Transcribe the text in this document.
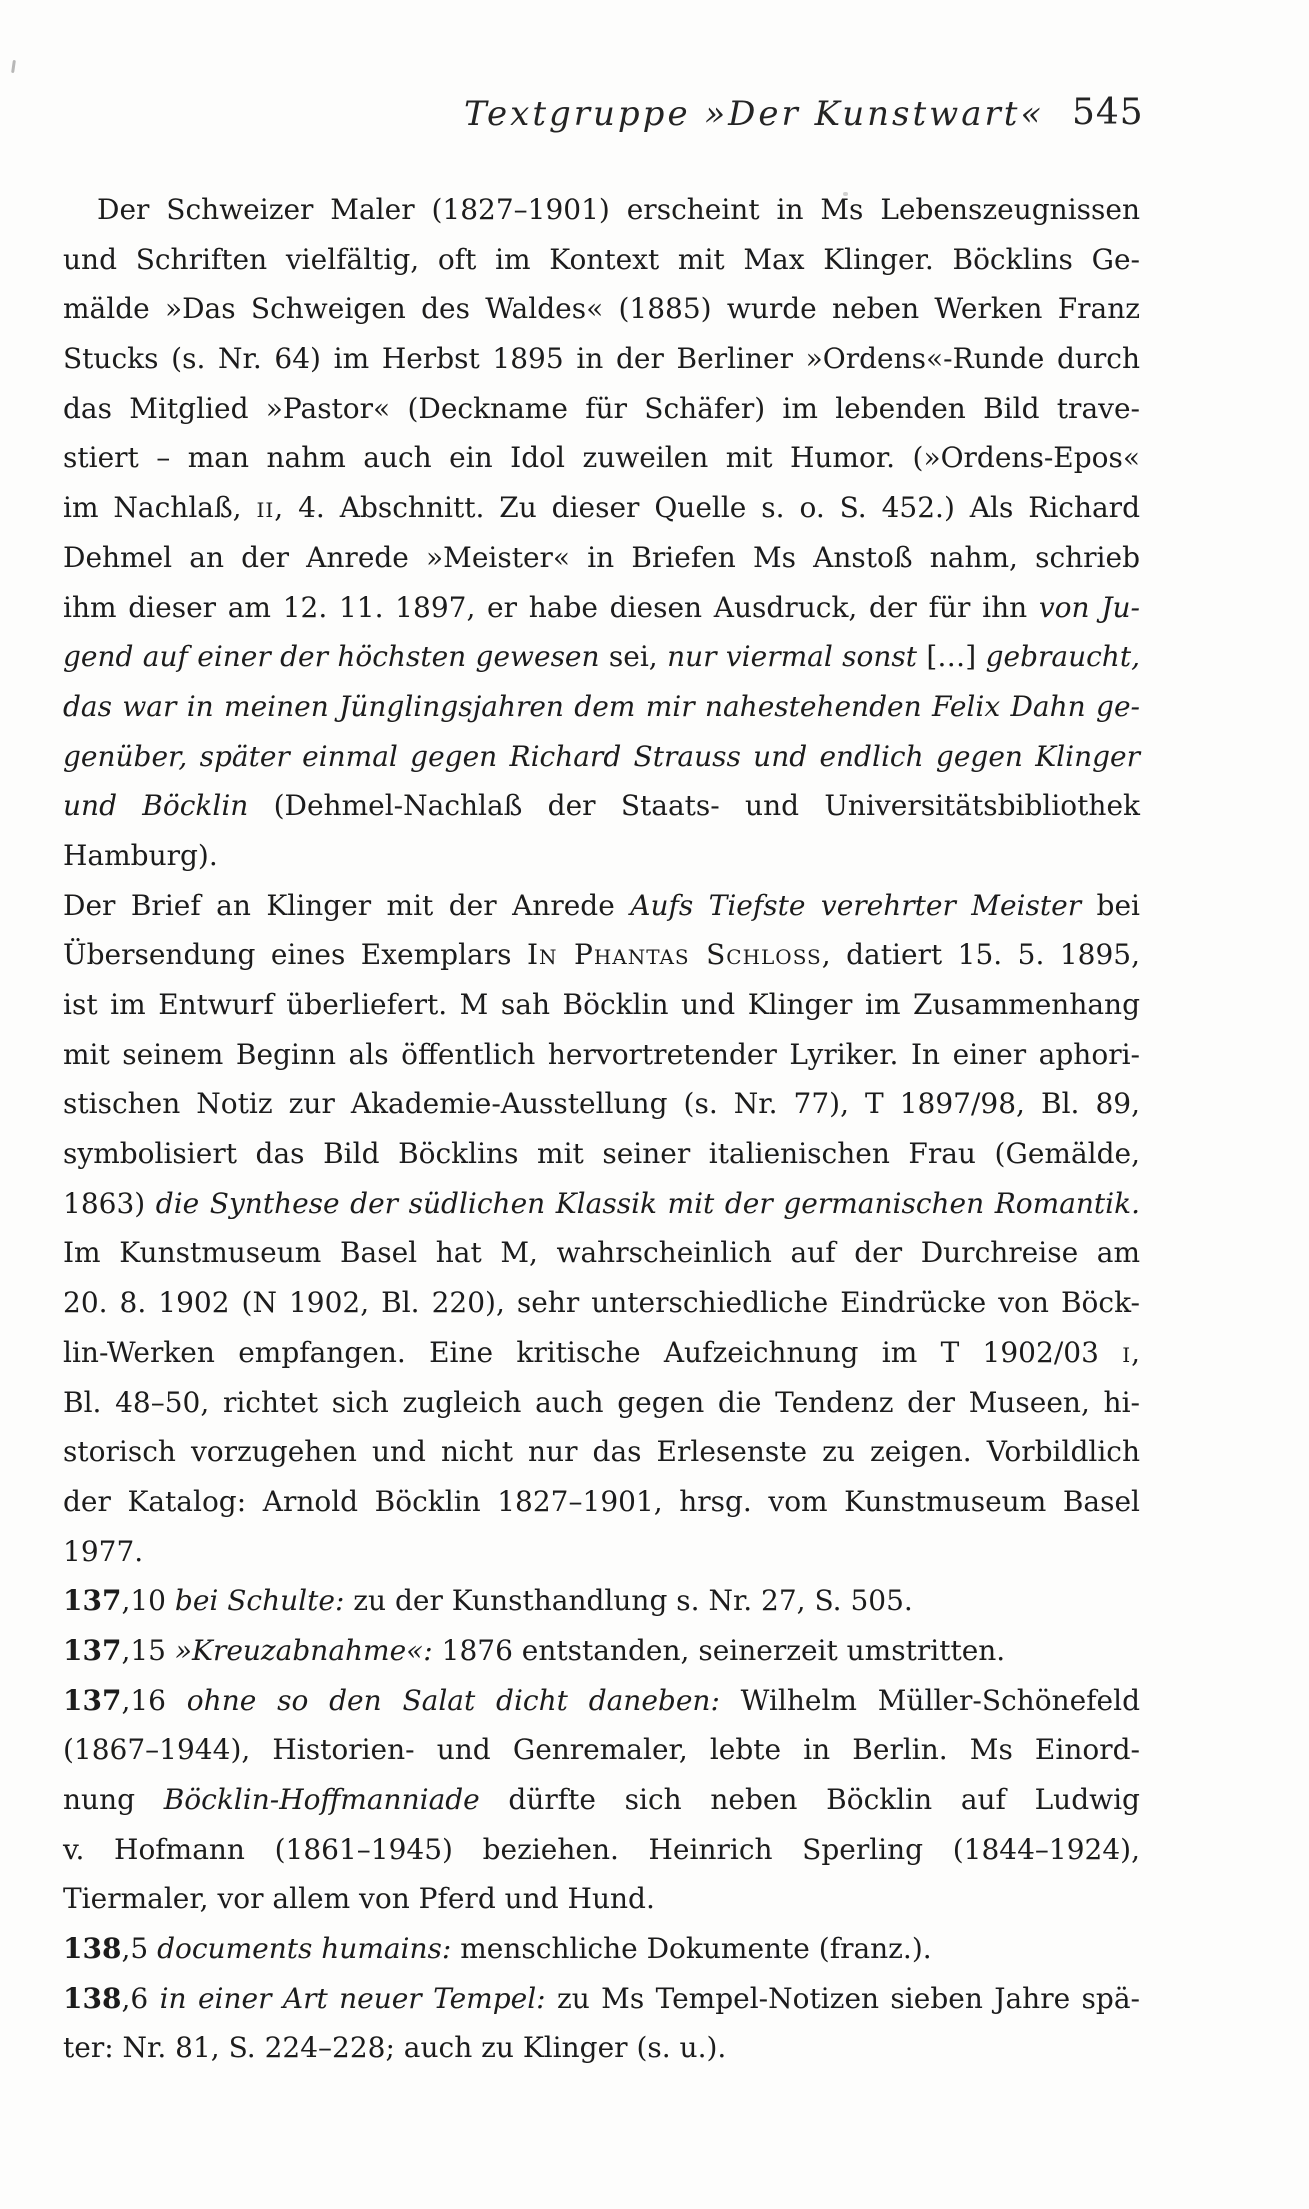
Textgruppe »Der Kunstwart« 545
Der Schweizer Maler (1827–1901) erscheint in Ms Lebenszeugnissen
und Schriften vielfältig, oft im Kontext mit Max Klinger. Böcklins Ge-
mälde »Das Schweigen des Waldes« (1885) wurde neben Werken Franz
Stucks (s. Nr. 64) im Herbst 1895 in der Berliner »Ordens«-Runde durch
das Mitglied »Pastor« (Deckname für Schäfer) im lebenden Bild trave-
stiert – man nahm auch ein Idol zuweilen mit Humor. (»Ordens-Epos«
im Nachlaß, ii, 4. Abschnitt. Zu dieser Quelle s. o. S. 452.) Als Richard
Dehmel an der Anrede »Meister« in Briefen Ms Anstoß nahm, schrieb
ihm dieser am 12. 11. 1897, er habe diesen Ausdruck, der für ihn von Ju-
gend auf einer der höchsten gewesen sei, nur viermal sonst […] gebraucht,
das war in meinen Jünglingsjahren dem mir nahestehenden Felix Dahn ge-
genüber, später einmal gegen Richard Strauss und endlich gegen Klinger
und Böcklin (Dehmel-Nachlaß der Staats- und Universitätsbibliothek
Hamburg).
Der Brief an Klinger mit der Anrede Aufs Tiefste verehrter Meister bei
Übersendung eines Exemplars In Phantas Schloss, datiert 15. 5. 1895,
ist im Entwurf überliefert. M sah Böcklin und Klinger im Zusammenhang
mit seinem Beginn als öffentlich hervortretender Lyriker. In einer aphori-
stischen Notiz zur Akademie-Ausstellung (s. Nr. 77), T 1897/98, Bl. 89,
symbolisiert das Bild Böcklins mit seiner italienischen Frau (Gemälde,
1863) die Synthese der südlichen Klassik mit der germanischen Romantik.
Im Kunstmuseum Basel hat M, wahrscheinlich auf der Durchreise am
20. 8. 1902 (N 1902, Bl. 220), sehr unterschiedliche Eindrücke von Böck-
lin-Werken empfangen. Eine kritische Aufzeichnung im T 1902/03 i,
Bl. 48–50, richtet sich zugleich auch gegen die Tendenz der Museen, hi-
storisch vorzugehen und nicht nur das Erlesenste zu zeigen. Vorbildlich
der Katalog: Arnold Böcklin 1827–1901, hrsg. vom Kunstmuseum Basel
1977.
137,10 bei Schulte: zu der Kunsthandlung s. Nr. 27, S. 505.
137,15 »Kreuzabnahme«: 1876 entstanden, seinerzeit umstritten.
137,16 ohne so den Salat dicht daneben: Wilhelm Müller-Schönefeld
(1867–1944), Historien- und Genremaler, lebte in Berlin. Ms Einord-
nung Böcklin-Hoffmanniade dürfte sich neben Böcklin auf Ludwig
v. Hofmann (1861–1945) beziehen. Heinrich Sperling (1844–1924),
Tiermaler, vor allem von Pferd und Hund.
138,5 documents humains: menschliche Dokumente (franz.).
138,6 in einer Art neuer Tempel: zu Ms Tempel-Notizen sieben Jahre spä-
ter: Nr. 81, S. 224–228; auch zu Klinger (s. u.).
